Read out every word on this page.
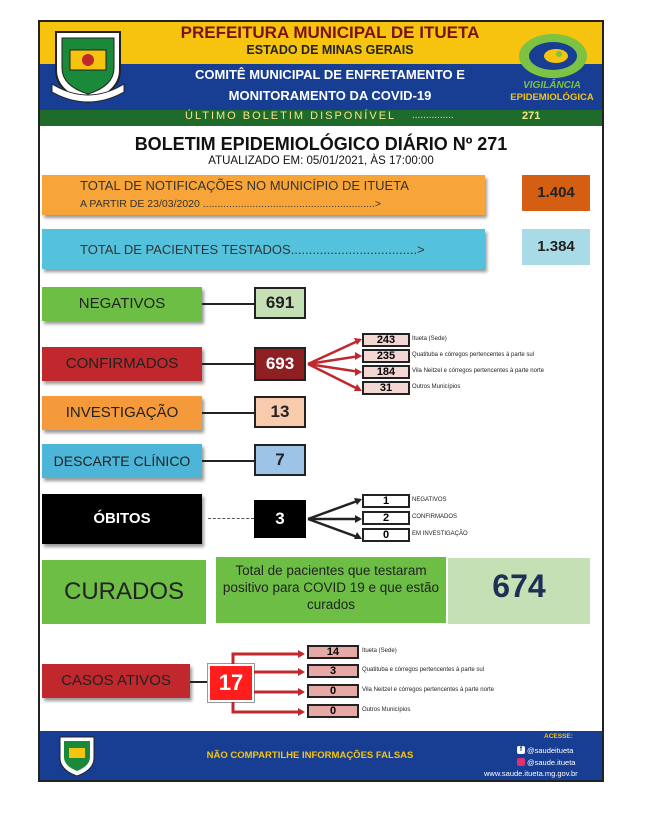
PREFEITURA MUNICIPAL DE ITUETA
ESTADO DE MINAS GERAIS
COMITÊ MUNICIPAL DE ENFRETAMENTO E
MONITORAMENTO DA COVID-19
ÚLTIMO BOLETIM DISPONÍVEL	...............	271
VIGILÂNCIA
EPIDEMIOLÓGICA
BOLETIM EPIDEMIOLÓGICO DIÁRIO Nº 271
ATUALIZADO EM: 05/01/2021, ÀS 17:00:00
TOTAL DE NOTIFICAÇÕES NO MUNICÍPIO DE ITUETA
A PARTIR DE 23/03/2020 ...........................................................>
1.404
TOTAL DE PACIENTES TESTADOS...................................>	1.384
NEGATIVOS	691
CONFIRMADOS	693
243	Itueta (Sede)
235	Quatituba e córregos pertencentes à parte sul
184	Vila Neitzel e córregos pertencentes à parte norte
31	Outros Municípios
INVESTIGAÇÃO	13
DESCARTE CLÍNICO	7
ÓBITOS	3
1	NEGATIVOS
2	CONFIRMADOS
0	EM INVESTIGAÇÃO
CURADOS
Total de pacientes que testaram positivo para COVID 19 e que estão curados
674
CASOS ATIVOS	17
14	Itueta (Sede)
3	Quatituba e córregos pertencentes à parte sul
0	Vila Neitzel e córregos pertencentes à parte norte
0	Outros Municípios
NÃO COMPARTILHE INFORMAÇÕES FALSAS
ACESSE:
f @saudeitueta
@saude.itueta
www.saude.itueta.mg.gov.br
